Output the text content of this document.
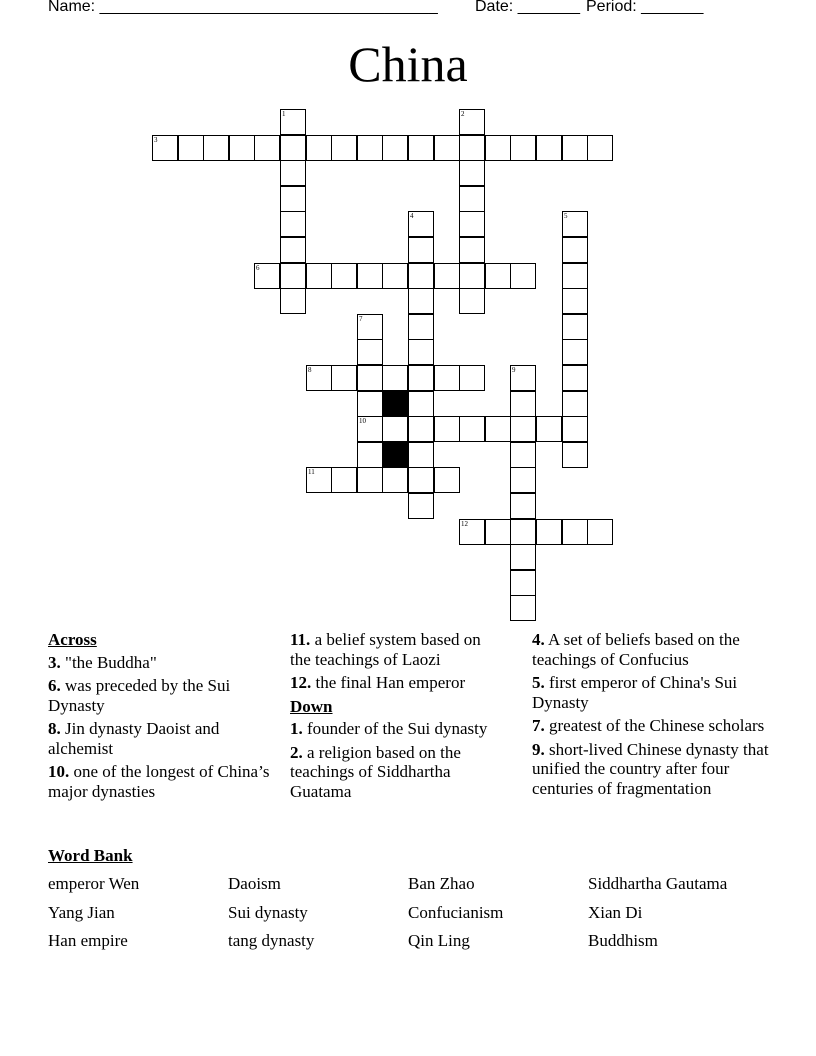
Name: ______________________________________ Date: _______ Period: _______
China
1	2
3
4	5
6
7
10
8	9
11
12
Across
3. "the Buddha"
6. was preceded by the Sui Dynasty
8. Jin dynasty Daoist and alchemist
10. one of the longest of China’s major dynasties
11. a belief system based on the teachings of Laozi
12. the final Han emperor
Down
1. founder of the Sui dynasty
2. a religion based on the teachings of Siddhartha Guatama
4. A set of beliefs based on the teachings of Confucius
5. first emperor of China's Sui Dynasty
7. greatest of the Chinese scholars
9. short-lived Chinese dynasty that unified the country after four centuries of fragmentation
Word Bank
emperor Wen	Daoism	Ban Zhao	Siddhartha Gautama
Yang Jian	Sui dynasty	Confucianism	Xian Di
Han empire	tang dynasty	Qin Ling	Buddhism
